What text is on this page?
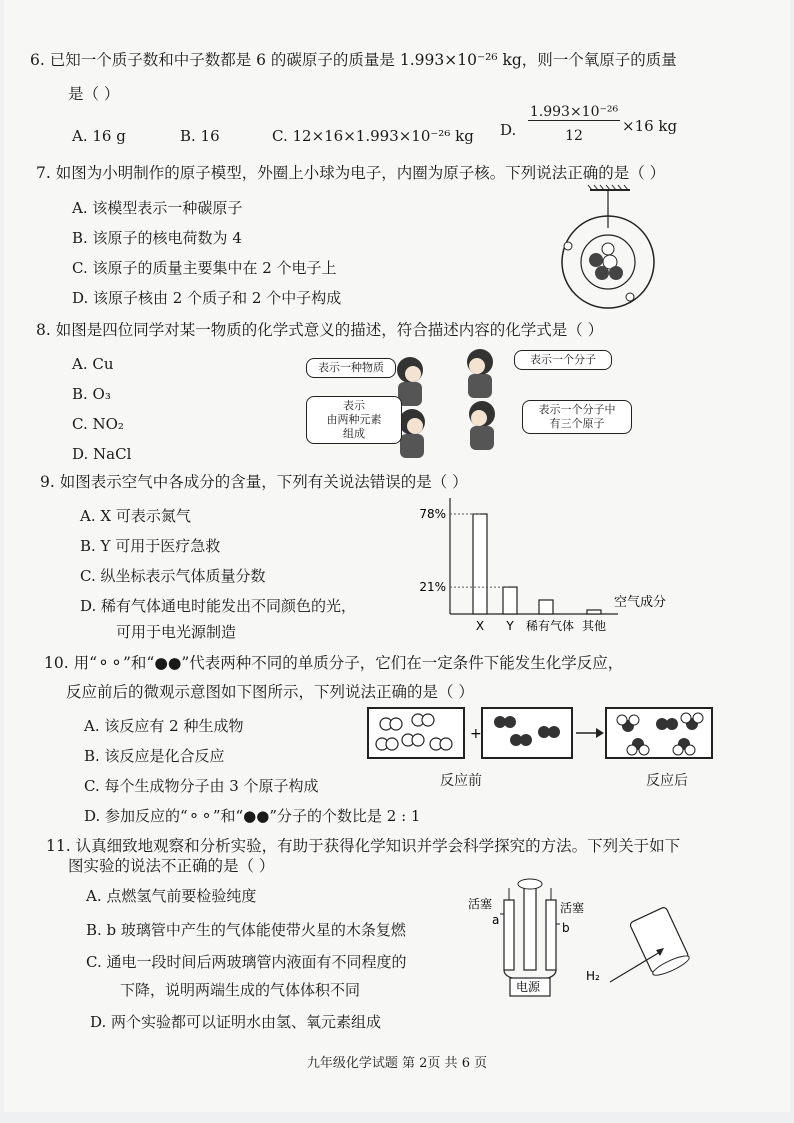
6. 已知一个质子数和中子数都是 6 的碳原子的质量是 1.993×10⁻²⁶ kg，则一个氧原子的质量
是（ ）
A. 16 g	B. 16	C. 12×16×1.993×10⁻²⁶ kg D.
1.993×10⁻²⁶
12
×16 kg
7. 如图为小明制作的原子模型，外圈上小球为电子，内圈为原子核。下列说法正确的是（ ）
A. 该模型表示一种碳原子
B. 该原子的核电荷数为 4
C. 该原子的质量主要集中在 2 个电子上
D. 该原子核由 2 个质子和 2 个中子构成
8. 如图是四位同学对某一物质的化学式意义的描述，符合描述内容的化学式是（ ）
A. Cu
B. O₃
C. NO₂
D. NaCl
表示一种物质
表示一个分子
表示
由两种元素
组成
表示一个分子中
有三个原子
9. 如图表示空气中各成分的含量，下列有关说法错误的是（ ）
A. X 可表示氮气
B. Y 可用于医疗急救
C. 纵坐标表示气体质量分数
D. 稀有气体通电时能发出不同颜色的光，
可用于电光源制造	X Y 稀有气体 其他
78%
21%
空气成分
10. 用“⚬⚬”和“●●”代表两种不同的单质分子，它们在一定条件下能发生化学反应，
反应前后的微观示意图如下图所示，下列说法正确的是（ ）
A. 该反应有 2 种生成物
B. 该反应是化合反应
C. 每个生成物分子由 3 个原子构成
D. 参加反应的“⚬⚬”和“●●”分子的个数比是 2 : 1
+
反应前	反应后
11. 认真细致地观察和分析实验，有助于获得化学知识并学会科学探究的方法。下列关于如下
图实验的说法不正确的是（ ）
A. 点燃氢气前要检验纯度
B. b 玻璃管中产生的气体能使带火星的木条复燃
C. 通电一段时间后两玻璃管内液面有不同程度的
下降，说明两端生成的气体体积不同
D. 两个实验都可以证明水由氢、氧元素组成
活塞	活塞
a
b
电源
H₂
九年级化学试题 第 2页 共 6 页
